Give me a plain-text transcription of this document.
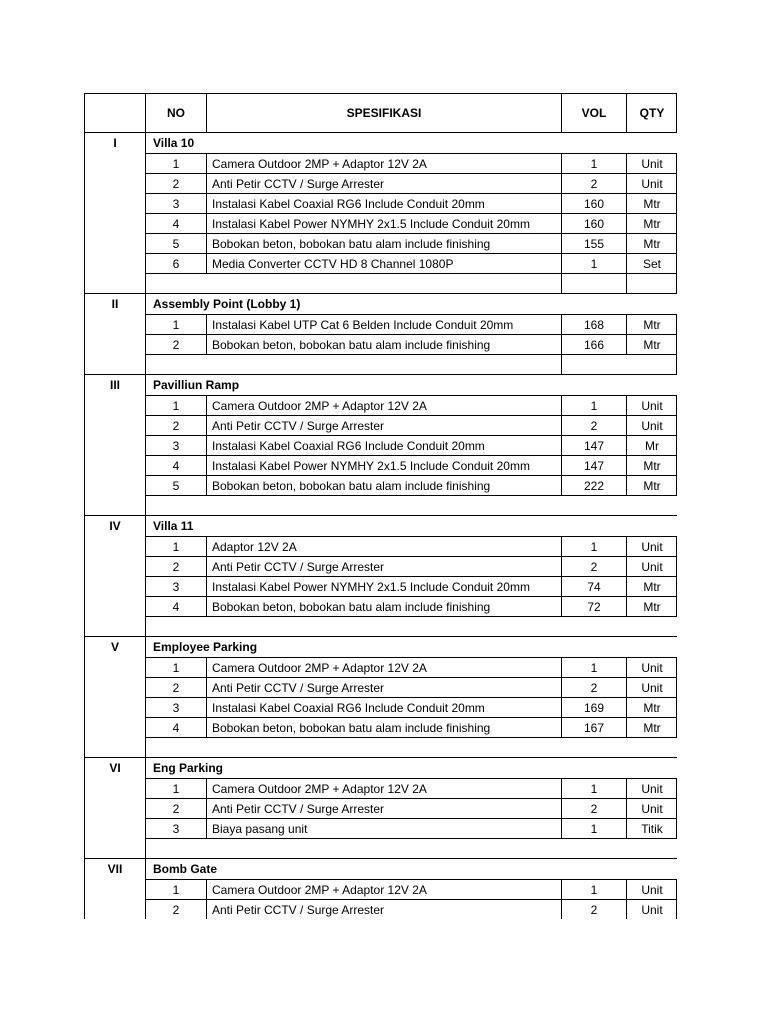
NO	SPESIFIKASI	VOL	QTY
I	Villa 10
1	Camera Outdoor 2MP + Adaptor 12V 2A	1	Unit
2	Anti Petir CCTV / Surge Arrester	2	Unit
3	Instalasi Kabel Coaxial RG6 Include Conduit 20mm	160	Mtr
4	Instalasi Kabel Power NYMHY 2x1.5 Include Conduit 20mm	160	Mtr
5	Bobokan beton, bobokan batu alam include finishing	155	Mtr
6	Media Converter CCTV HD 8 Channel 1080P	1	Set
II	Assembly Point (Lobby 1)
1	Instalasi Kabel UTP Cat 6 Belden Include Conduit 20mm	168	Mtr
2	Bobokan beton, bobokan batu alam include finishing	166	Mtr
III	Pavilliun Ramp
1	Camera Outdoor 2MP + Adaptor 12V 2A	1	Unit
2	Anti Petir CCTV / Surge Arrester	2	Unit
3	Instalasi Kabel Coaxial RG6 Include Conduit 20mm	147	Mr
4	Instalasi Kabel Power NYMHY 2x1.5 Include Conduit 20mm	147	Mtr
5	Bobokan beton, bobokan batu alam include finishing	222	Mtr
IV	Villa 11
1	Adaptor 12V 2A	1	Unit
2	Anti Petir CCTV / Surge Arrester	2	Unit
3	Instalasi Kabel Power NYMHY 2x1.5 Include Conduit 20mm	74	Mtr
4	Bobokan beton, bobokan batu alam include finishing	72	Mtr
V	Employee Parking
1	Camera Outdoor 2MP + Adaptor 12V 2A	1	Unit
2	Anti Petir CCTV / Surge Arrester	2	Unit
3	Instalasi Kabel Coaxial RG6 Include Conduit 20mm	169	Mtr
4	Bobokan beton, bobokan batu alam include finishing	167	Mtr
VI	Eng Parking
1	Camera Outdoor 2MP + Adaptor 12V 2A	1	Unit
2	Anti Petir CCTV / Surge Arrester	2	Unit
3	Biaya pasang unit	1	Titik
VII	Bomb Gate
1	Camera Outdoor 2MP + Adaptor 12V 2A	1	Unit
2	Anti Petir CCTV / Surge Arrester	2	Unit
